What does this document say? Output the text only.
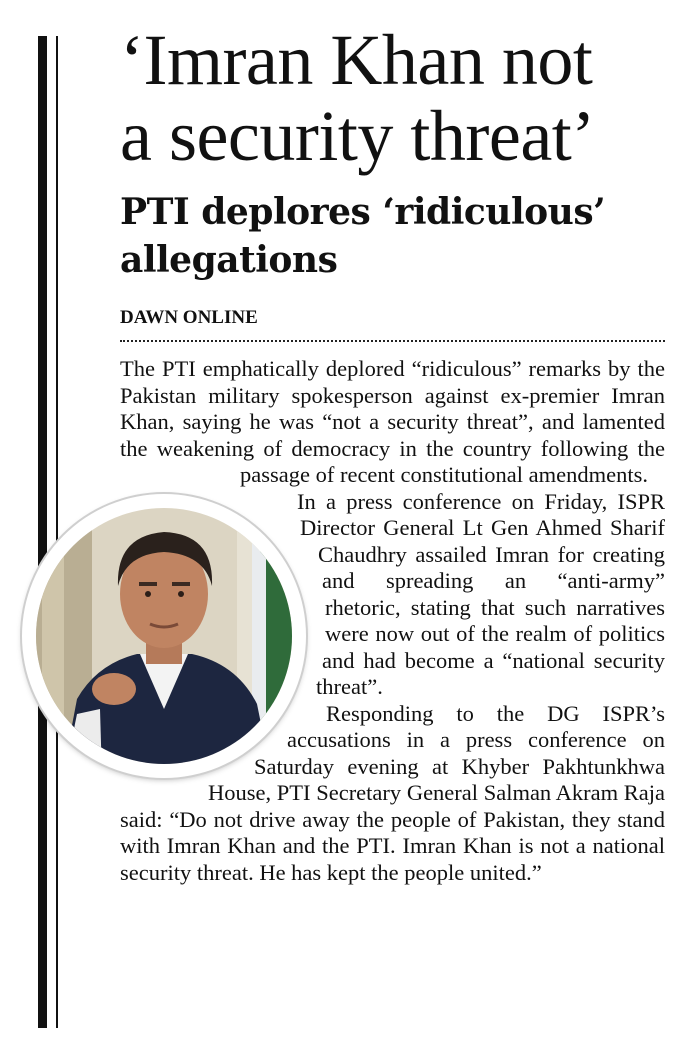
‘Imran Khan not
a security threat’
PTI deplores ‘ridiculous’
allegations
DAWN ONLINE

The PTI emphatically deplored “ridiculous” remarks by the Pakistan military spokesperson against ex-premier Imran Khan, saying he was “not a security threat”, and lamented the weakening of democracy in the country following the passage of recent constitutional amendments.

In a press conference on Friday, ISPR Director General Lt Gen Ahmed Sharif Chaudhry assailed Imran for creating and spreading an “anti-army” rhetoric, stating that such narratives were now out of the realm of politics and had become a “national security threat”.

Responding to the DG ISPR’s accusations in a press conference on Saturday evening at Khyber Pakhtunkhwa House, PTI Secretary General Salman Akram Raja said: “Do not drive away the people of Pakistan, they stand with Imran Khan and the PTI. Imran Khan is not a national security threat. He has kept the people united.”
